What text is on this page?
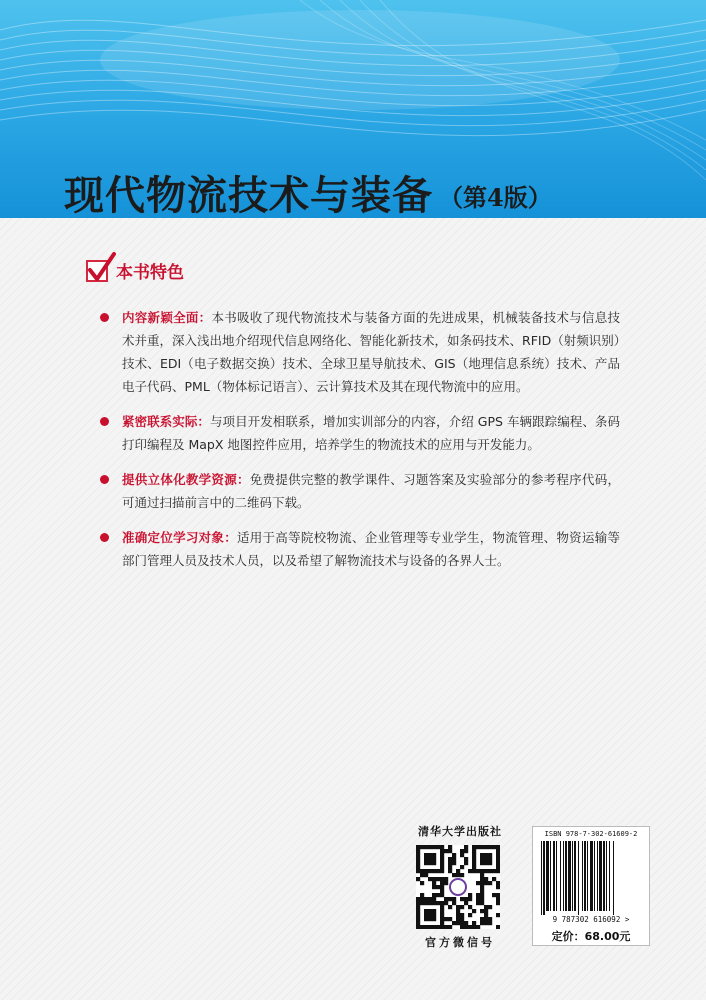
现代物流技术与装备 （第4版）
本书特色
内容新颖全面：本书吸收了现代物流技术与装备方面的先进成果，机械装备技术与信息技术并重，深入浅出地介绍现代信息网络化、智能化新技术，如条码技术、RFID（射频识别）技术、EDI（电子数据交换）技术、全球卫星导航技术、GIS（地理信息系统）技术、产品电子代码、PML（物体标记语言）、云计算技术及其在现代物流中的应用。
紧密联系实际：与项目开发相联系，增加实训部分的内容，介绍 GPS 车辆跟踪编程、条码打印编程及 MapX 地图控件应用，培养学生的物流技术的应用与开发能力。
提供立体化教学资源：免费提供完整的教学课件、习题答案及实验部分的参考程序代码，可通过扫描前言中的二维码下载。
准确定位学习对象：适用于高等院校物流、企业管理等专业学生，物流管理、物资运输等部门管理人员及技术人员，以及希望了解物流技术与设备的各界人士。
清华大学出版社
官方微信号
ISBN 978-7-302-61609-2
9 787302 616092 >
定价：68.00元
